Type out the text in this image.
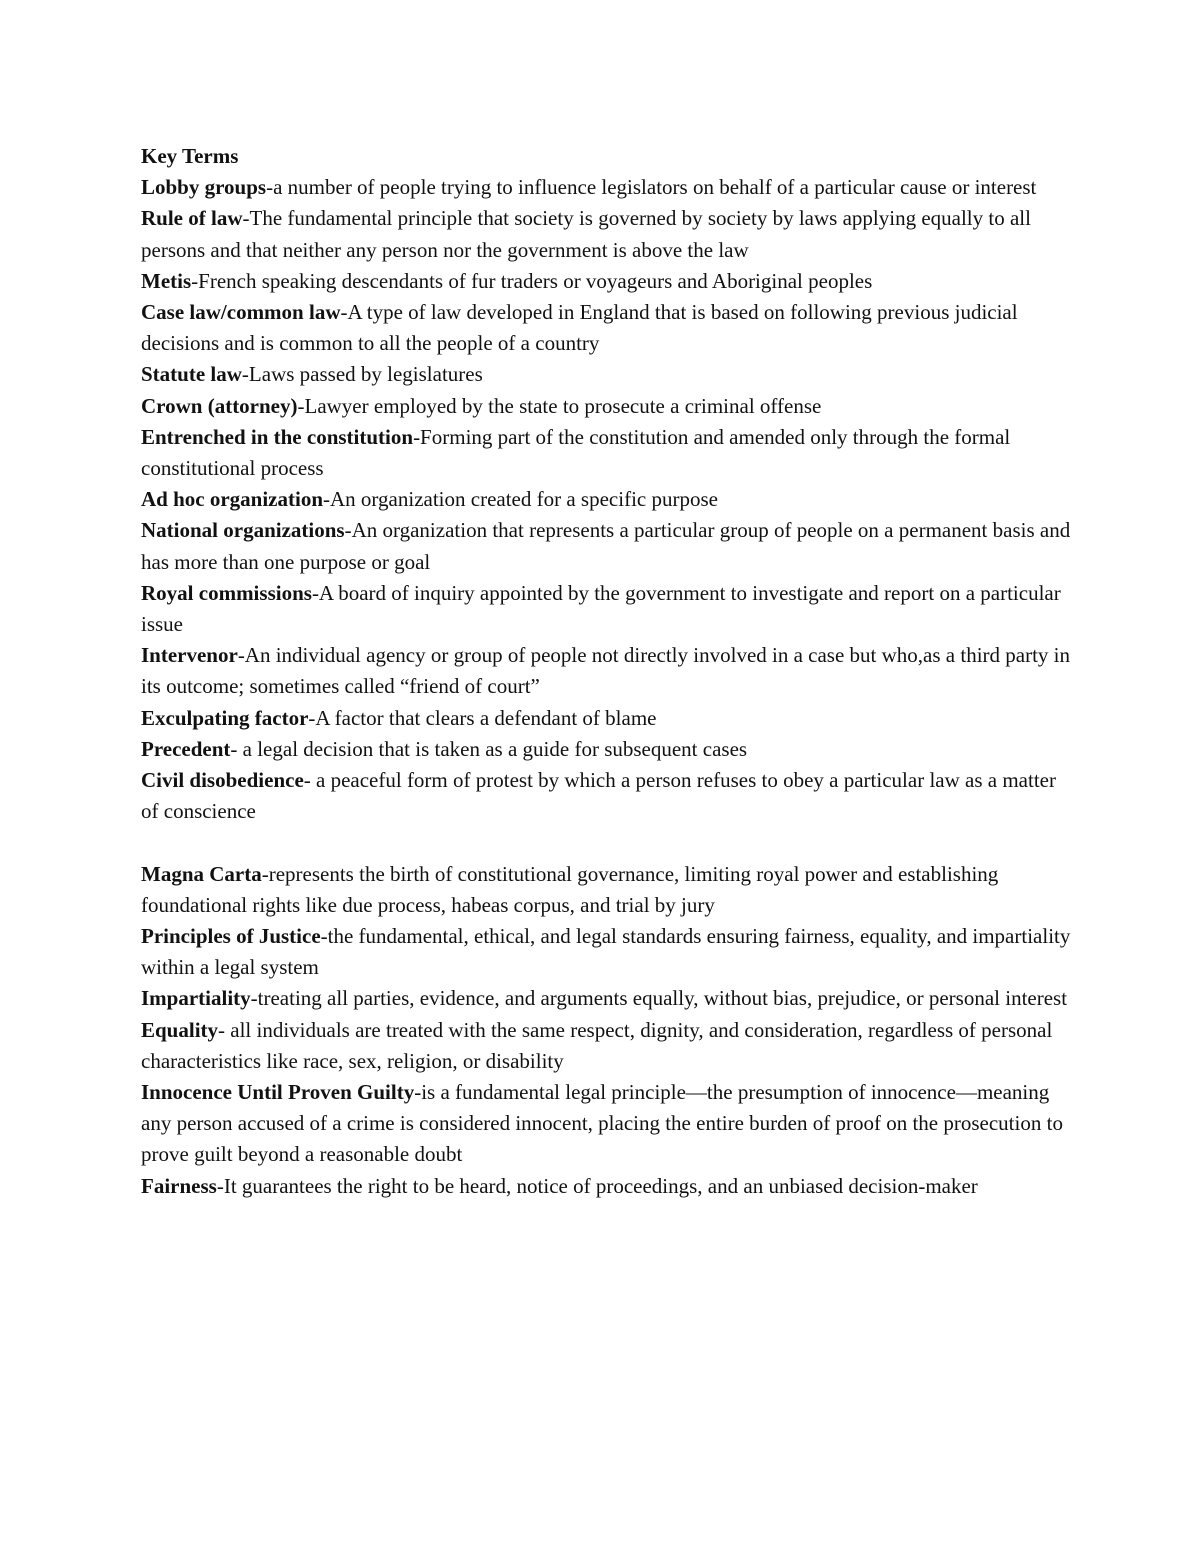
Key Terms

Lobby groups-a number of people trying to influence legislators on behalf of a particular cause or interest

Rule of law-The fundamental principle that society is governed by society by laws applying equally to all persons and that neither any person nor the government is above the law

Metis-French speaking descendants of fur traders or voyageurs and Aboriginal peoples

Case law/common law-A type of law developed in England that is based on following previous judicial decisions and is common to all the people of a country

Statute law-Laws passed by legislatures

Crown (attorney)-Lawyer employed by the state to prosecute a criminal offense

Entrenched in the constitution-Forming part of the constitution and amended only through the formal constitutional process

Ad hoc organization-An organization created for a specific purpose

National organizations-An organization that represents a particular group of people on a permanent basis and has more than one purpose or goal

Royal commissions-A board of inquiry appointed by the government to investigate and report on a particular issue

Intervenor-An individual agency or group of people not directly involved in a case but who,as a third party in its outcome; sometimes called “friend of court”

Exculpating factor-A factor that clears a defendant of blame

Precedent- a legal decision that is taken as a guide for subsequent cases

Civil disobedience- a peaceful form of protest by which a person refuses to obey a particular law as a matter of conscience

Magna Carta-represents the birth of constitutional governance, limiting royal power and establishing foundational rights like due process, habeas corpus, and trial by jury

Principles of Justice-the fundamental, ethical, and legal standards ensuring fairness, equality, and impartiality within a legal system

Impartiality-treating all parties, evidence, and arguments equally, without bias, prejudice, or personal interest

Equality- all individuals are treated with the same respect, dignity, and consideration, regardless of personal characteristics like race, sex, religion, or disability

Innocence Until Proven Guilty-is a fundamental legal principle—the presumption of innocence—meaning any person accused of a crime is considered innocent, placing the entire burden of proof on the prosecution to prove guilt beyond a reasonable doubt

Fairness-It guarantees the right to be heard, notice of proceedings, and an unbiased decision-maker
